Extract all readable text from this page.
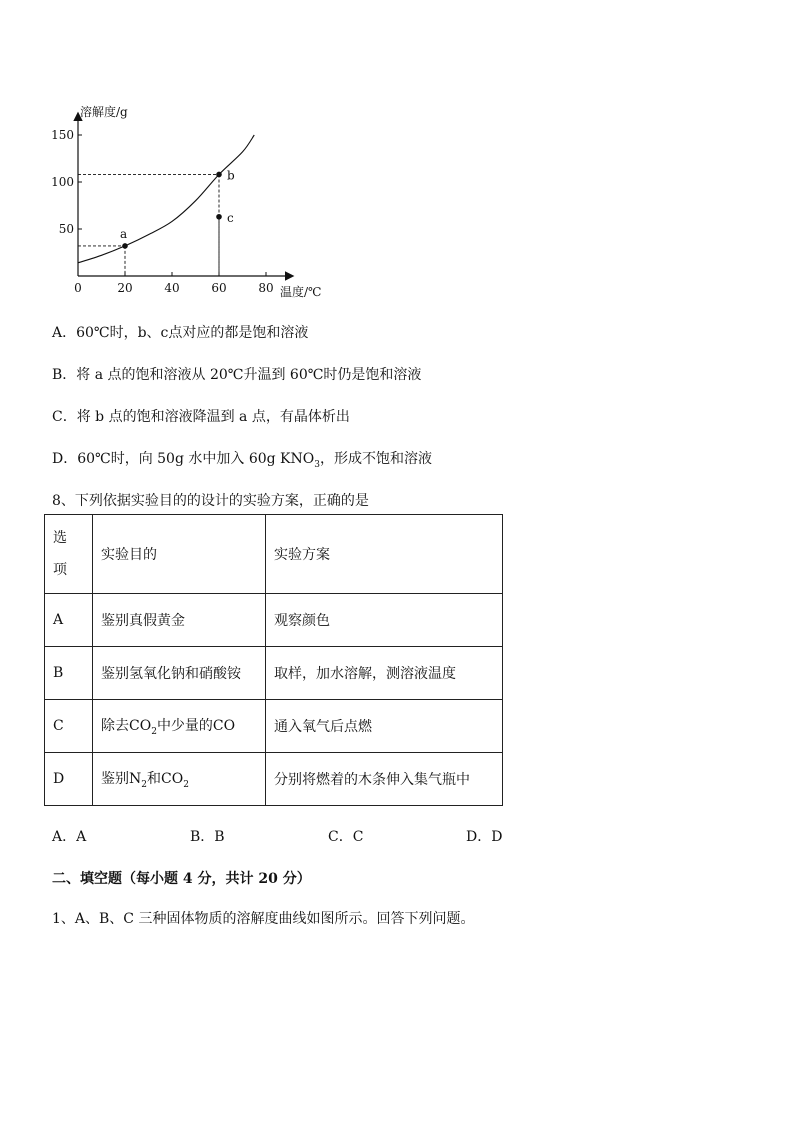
溶解度/g
温度/℃
0	20	40	60	80
50
100
150
a
b
c
A．60℃时，b、c点对应的都是饱和溶液
B．将 a 点的饱和溶液从 20℃升温到 60℃时仍是饱和溶液
C．将 b 点的饱和溶液降温到 a 点，有晶体析出
D．60℃时，向 50g 水中加入 60g $KNO_3$，形成不饱和溶液
8、下列依据实验目的的设计的实验方案，正确的是
选
项	实验目的	实验方案
A	鉴别真假黄金	观察颜色
B	鉴别氢氧化钠和硝酸铵	取样，加水溶解，测溶液温度
C	除去$CO_2$中少量的CO	通入氧气后点燃
D	鉴别$N_2$和$CO_2$	分别将燃着的木条伸入集气瓶中
A．A	B．B	C．C	D．D
二、填空题（每小题 4 分，共计 20 分）
1、A、B、C 三种固体物质的溶解度曲线如图所示。回答下列问题。
